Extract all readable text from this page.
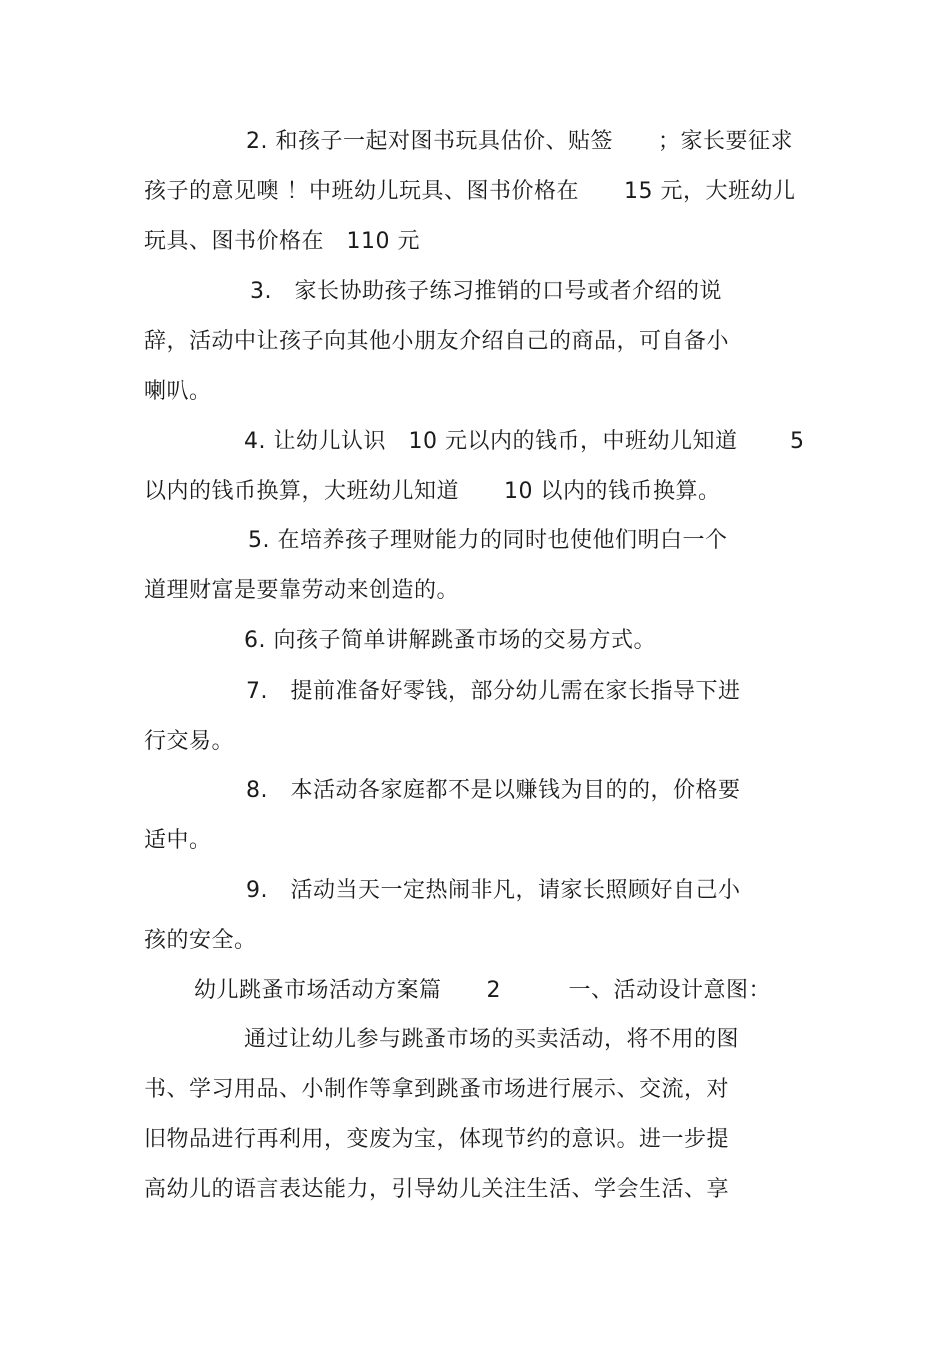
2. 和孩子一起对图书玩具估价、贴签　　；家长要征求
孩子的意见噢 ！中班幼儿玩具、图书价格在　　15 元，大班幼儿
玩具、图书价格在　110 元
3.　家长协助孩子练习推销的口号或者介绍的说
辞，活动中让孩子向其他小朋友介绍自己的商品，可自备小
喇叭。
4. 让幼儿认识　10 元以内的钱币，中班幼儿知道　　 5
以内的钱币换算，大班幼儿知道　　10 以内的钱币换算。
5. 在培养孩子理财能力的同时也使他们明白一个
道理财富是要靠劳动来创造的。
6. 向孩子简单讲解跳蚤市场的交易方式。
7.　提前准备好零钱，部分幼儿需在家长指导下进
行交易。
8.　本活动各家庭都不是以赚钱为目的的，价格要
适中。
9.　活动当天一定热闹非凡，请家长照顾好自己小
孩的安全。
幼儿跳蚤市场活动方案篇　　2　　　一、活动设计意图：
通过让幼儿参与跳蚤市场的买卖活动，将不用的图
书、学习用品、小制作等拿到跳蚤市场进行展示、交流，对
旧物品进行再利用，变废为宝，体现节约的意识。进一步提
高幼儿的语言表达能力，引导幼儿关注生活、学会生活、享
